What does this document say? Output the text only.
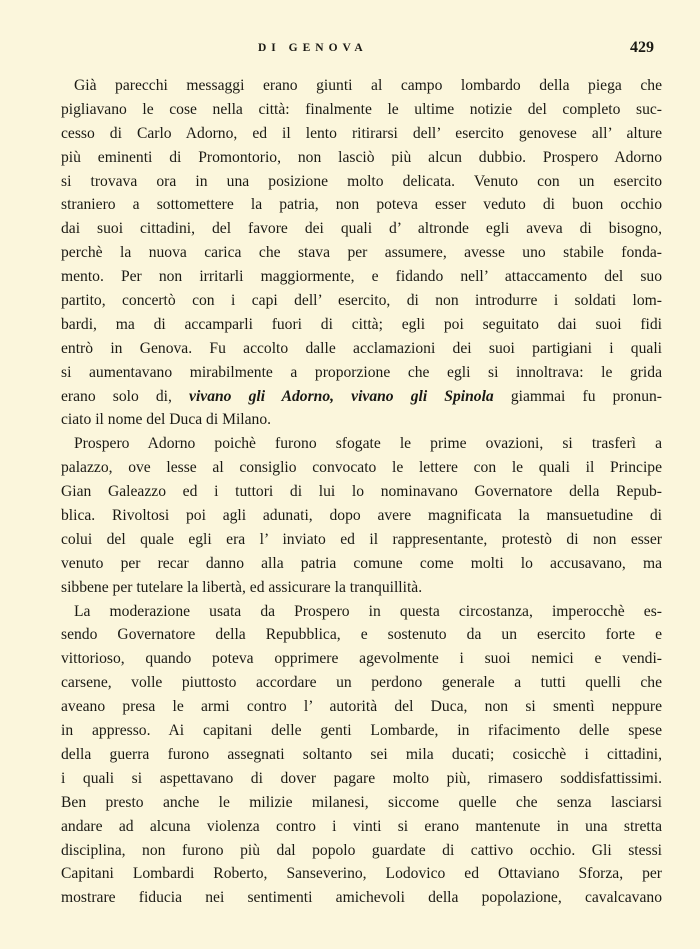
DI GENOVA	429
Già parecchi messaggi erano giunti al campo lombardo della piega che
pigliavano le cose nella città: finalmente le ultime notizie del completo suc-
cesso di Carlo Adorno, ed il lento ritirarsi dell’ esercito genovese all’ alture
più eminenti di Promontorio, non lasciò più alcun dubbio. Prospero Adorno
si trovava ora in una posizione molto delicata. Venuto con un esercito
straniero a sottomettere la patria, non poteva esser veduto di buon occhio
dai suoi cittadini, del favore dei quali d’ altronde egli aveva di bisogno,
perchè la nuova carica che stava per assumere, avesse uno stabile fonda-
mento. Per non irritarli maggiormente, e fidando nell’ attaccamento del suo
partito, concertò con i capi dell’ esercito, di non introdurre i soldati lom-
bardi, ma di accamparli fuori di città; egli poi seguitato dai suoi fidi
entrò in Genova. Fu accolto dalle acclamazioni dei suoi partigiani i quali
si aumentavano mirabilmente a proporzione che egli si innoltrava: le grida
erano solo di, vivano gli Adorno, vivano gli Spinola giammai fu pronun-
ciato il nome del Duca di Milano.
Prospero Adorno poichè furono sfogate le prime ovazioni, si trasferì a
palazzo, ove lesse al consiglio convocato le lettere con le quali il Principe
Gian Galeazzo ed i tuttori di lui lo nominavano Governatore della Repub-
blica. Rivoltosi poi agli adunati, dopo avere magnificata la mansuetudine di
colui del quale egli era l’ inviato ed il rappresentante, protestò di non esser
venuto per recar danno alla patria comune come molti lo accusavano, ma
sibbene per tutelare la libertà, ed assicurare la tranquillità.
La moderazione usata da Prospero in questa circostanza, imperocchè es-
sendo Governatore della Repubblica, e sostenuto da un esercito forte e
vittorioso, quando poteva opprimere agevolmente i suoi nemici e vendi-
carsene, volle piuttosto accordare un perdono generale a tutti quelli che
aveano presa le armi contro l’ autorità del Duca, non si smentì neppure
in appresso. Ai capitani delle genti Lombarde, in rifacimento delle spese
della guerra furono assegnati soltanto sei mila ducati; cosicchè i cittadini,
i quali si aspettavano di dover pagare molto più, rimasero soddisfattissimi.
Ben presto anche le milizie milanesi, siccome quelle che senza lasciarsi
andare ad alcuna violenza contro i vinti si erano mantenute in una stretta
disciplina, non furono più dal popolo guardate di cattivo occhio. Gli stessi
Capitani Lombardi Roberto, Sanseverino, Lodovico ed Ottaviano Sforza, per
mostrare fiducia nei sentimenti amichevoli della popolazione, cavalcavano
